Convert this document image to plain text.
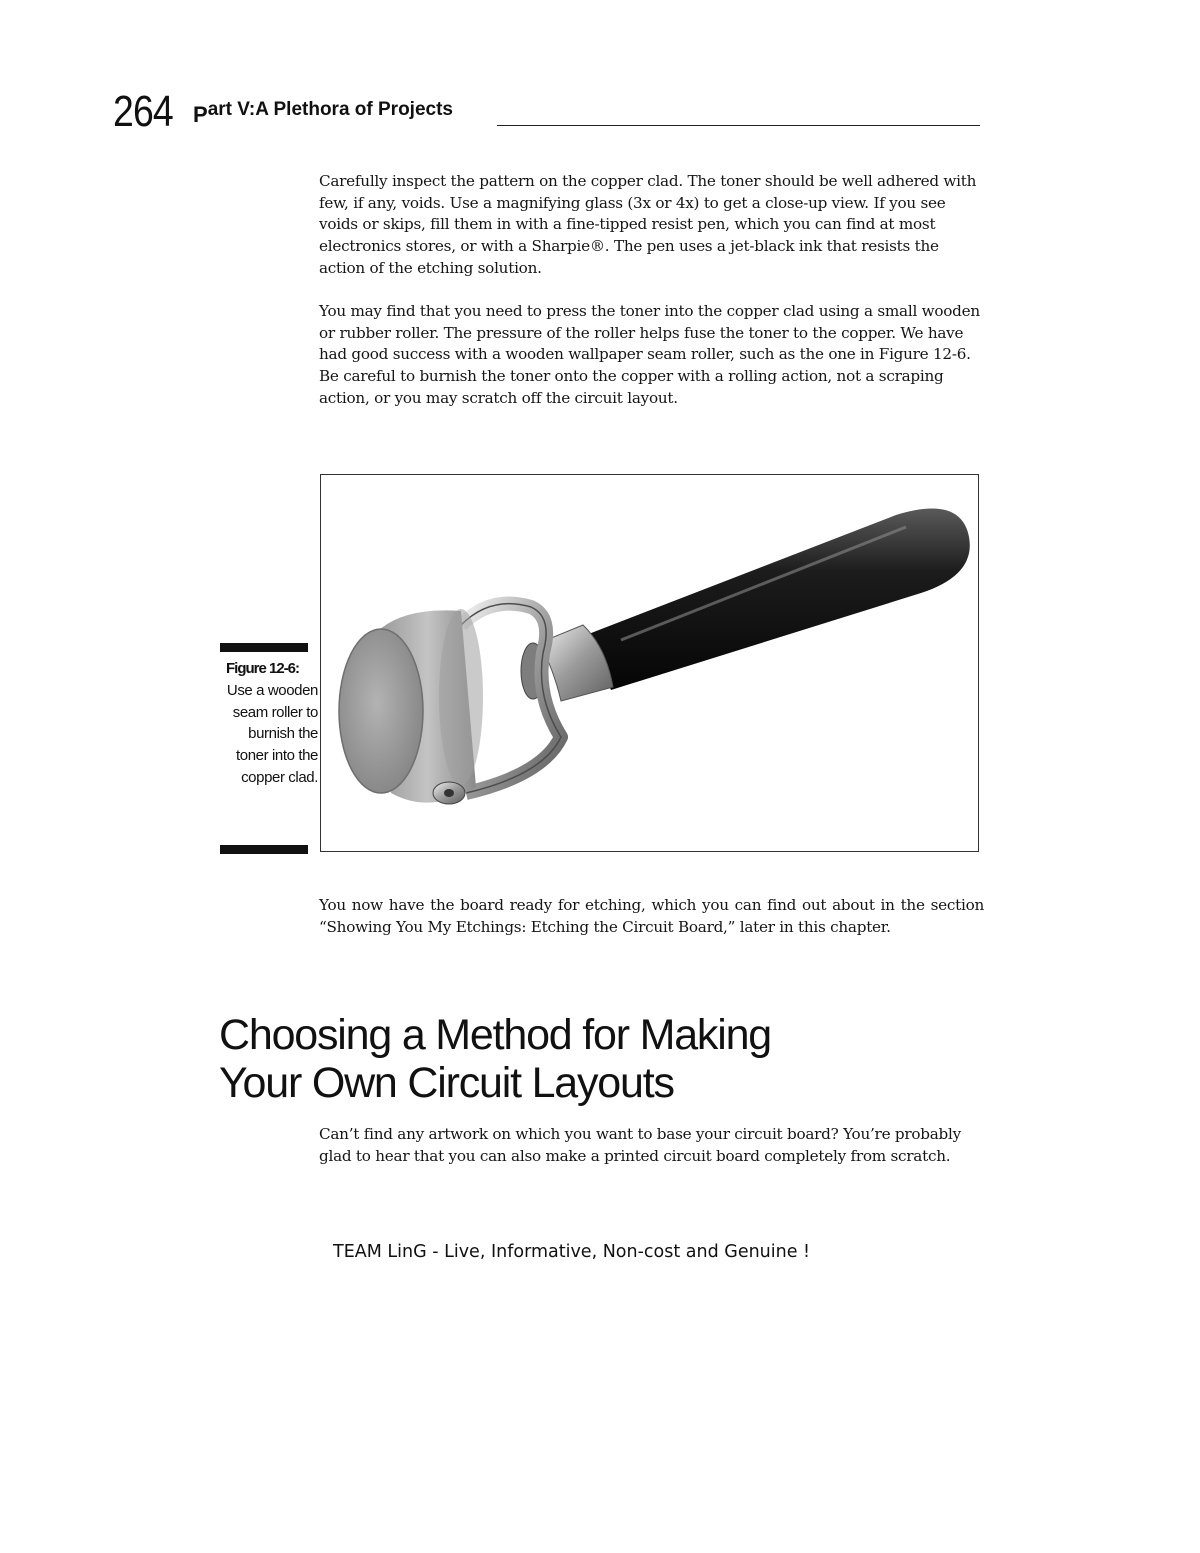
264 Part V:A Plethora of Projects

Carefully inspect the pattern on the copper clad. The toner should be well adhered with few, if any, voids. Use a magnifying glass (3x or 4x) to get a close-up view. If you see voids or skips, fill them in with a fine-tipped resist pen, which you can find at most electronics stores, or with a Sharpie®. The pen uses a jet-black ink that resists the action of the etching solution.

You may find that you need to press the toner into the copper clad using a small wooden or rubber roller. The pressure of the roller helps fuse the toner to the copper. We have had good success with a wooden wallpaper seam roller, such as the one in Figure 12-6. Be careful to burnish the toner onto the copper with a rolling action, not a scraping action, or you may scratch off the circuit layout.

Figure 12-6:
Use a wooden seam roller to burnish the toner into the copper clad.

You now have the board ready for etching, which you can find out about in the section “Showing You My Etchings: Etching the Circuit Board,” later in this chapter.

Choosing a Method for Making Your Own Circuit Layouts

Can’t find any artwork on which you want to base your circuit board? You’re probably glad to hear that you can also make a printed circuit board completely from scratch.

TEAM LinG - Live, Informative, Non-cost and Genuine !
